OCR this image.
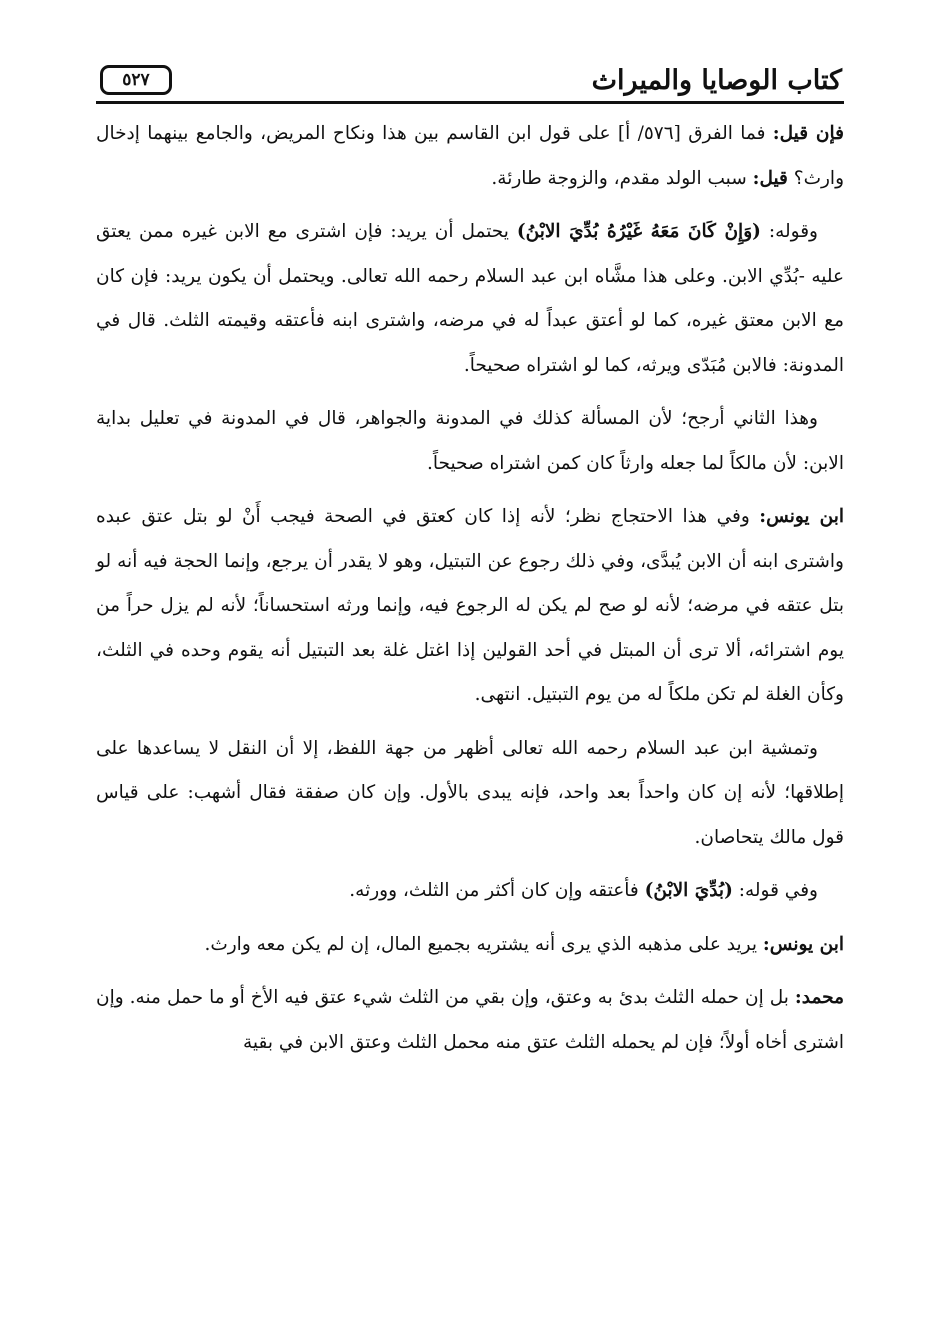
كتاب الوصايا والميراث
٥٢٧

فإن قيل: فما الفرق [٥٧٦/ أ] على قول ابن القاسم بين هذا ونكاح المريض، والجامع بينهما إدخال وارث؟ قيل: سبب الولد مقدم، والزوجة طارئة.

وقوله: (وَإِنْ كَانَ مَعَهُ غَيْرُهُ بُدِّيَ الابْنُ) يحتمل أن يريد: فإن اشترى مع الابن غيره ممن يعتق عليه -بُدِّي الابن. وعلى هذا مشَّاه ابن عبد السلام رحمه الله تعالى. ويحتمل أن يكون يريد: فإن كان مع الابن معتق غيره، كما لو أعتق عبداً له في مرضه، واشترى ابنه فأعتقه وقيمته الثلث. قال في المدونة: فالابن مُبَدّى ويرثه، كما لو اشتراه صحيحاً.

وهذا الثاني أرجح؛ لأن المسألة كذلك في المدونة والجواهر، قال في المدونة في تعليل بداية الابن: لأن مالكاً لما جعله وارثاً كان كمن اشتراه صحيحاً.

ابن يونس: وفي هذا الاحتجاج نظر؛ لأنه إذا كان كعتق في الصحة فيجب أَنْ لو بتل عتق عبده واشترى ابنه أن الابن يُبدَّى، وفي ذلك رجوع عن التبتيل، وهو لا يقدر أن يرجع، وإنما الحجة فيه أنه لو بتل عتقه في مرضه؛ لأنه لو صح لم يكن له الرجوع فيه، وإنما ورثه استحساناً؛ لأنه لم يزل حراً من يوم اشترائه، ألا ترى أن المبتل في أحد القولين إذا اغتل غلة بعد التبتيل أنه يقوم وحده في الثلث، وكأن الغلة لم تكن ملكاً له من يوم التبتيل. انتهى.

وتمشية ابن عبد السلام رحمه الله تعالى أظهر من جهة اللفظ، إلا أن النقل لا يساعدها على إطلاقها؛ لأنه إن كان واحداً بعد واحد، فإنه يبدى بالأول. وإن كان صفقة فقال أشهب: على قياس قول مالك يتحاصان.

وفي قوله: (بُدِّيَ الابْنُ) فأعتقه وإن كان أكثر من الثلث، وورثه.

ابن يونس: يريد على مذهبه الذي يرى أنه يشتريه بجميع المال، إن لم يكن معه وارث.

محمد: بل إن حمله الثلث بدئ به وعتق، وإن بقي من الثلث شيء عتق فيه الأخ أو ما حمل منه. وإن اشترى أخاه أولاً؛ فإن لم يحمله الثلث عتق منه محمل الثلث وعتق الابن في بقية
